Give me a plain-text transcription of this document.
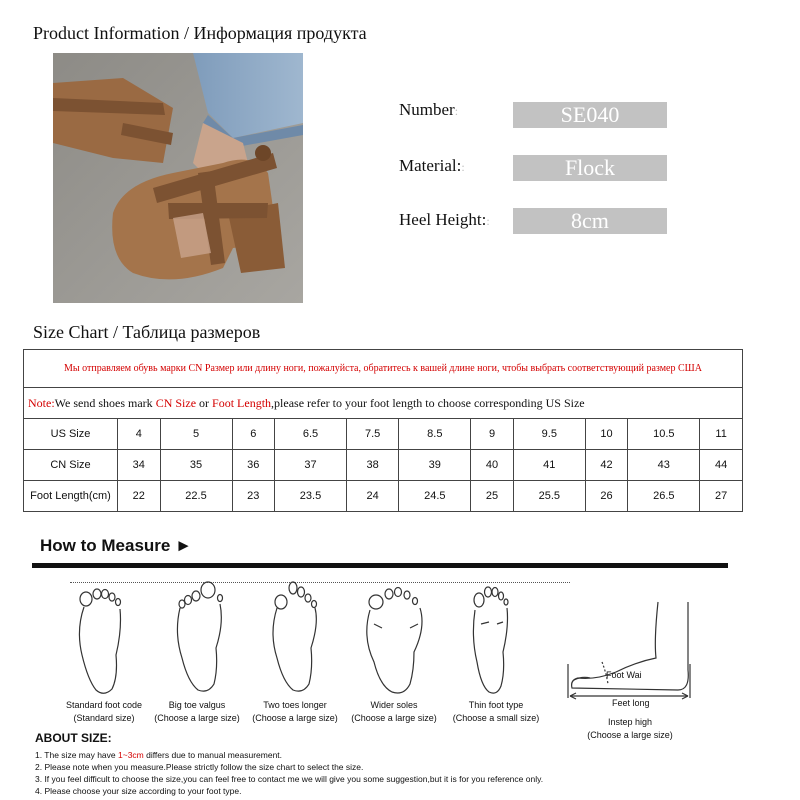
Product Information / Информация продукта
Number:	SE040
Material::	Flock
Heel Height::	8cm
Size Chart / Таблица размеров
Мы отправляем обувь марки CN Размер или длину ноги, пожалуйста, обратитесь к вашей длине ноги, чтобы выбрать соответствующий размер США											
Note:We send shoes mark CN Size or Foot Length,please refer to your foot length to choose corresponding US Size											
US Size	4	5	6	6.5	7.5	8.5	9	9.5	10	10.5	11
CN Size	34	35	36	37	38	39	40	41	42	43	44
Foot Length(cm)	22	22.5	23	23.5	24	24.5	25	25.5	26	26.5	27
How to Measure ►
Foot Wai
Feet long
Standard foot code
(Standard size)
Big toe valgus
(Choose a large size)
Two toes longer
(Choose a large size)
Wider soles
(Choose a large size)
Thin foot type
(Choose a small size)	Instep high
(Choose a large size)
ABOUT SIZE:
1. The size may have 1~3cm differs due to manual measurement.
2. Please note when you measure.Please strictly follow the size chart to select the size.
3. If you feel difficult to choose the size,you can feel free to contact me we will give you some suggestion,but it is for you reference only.
4. Please choose your size according to your foot type.
